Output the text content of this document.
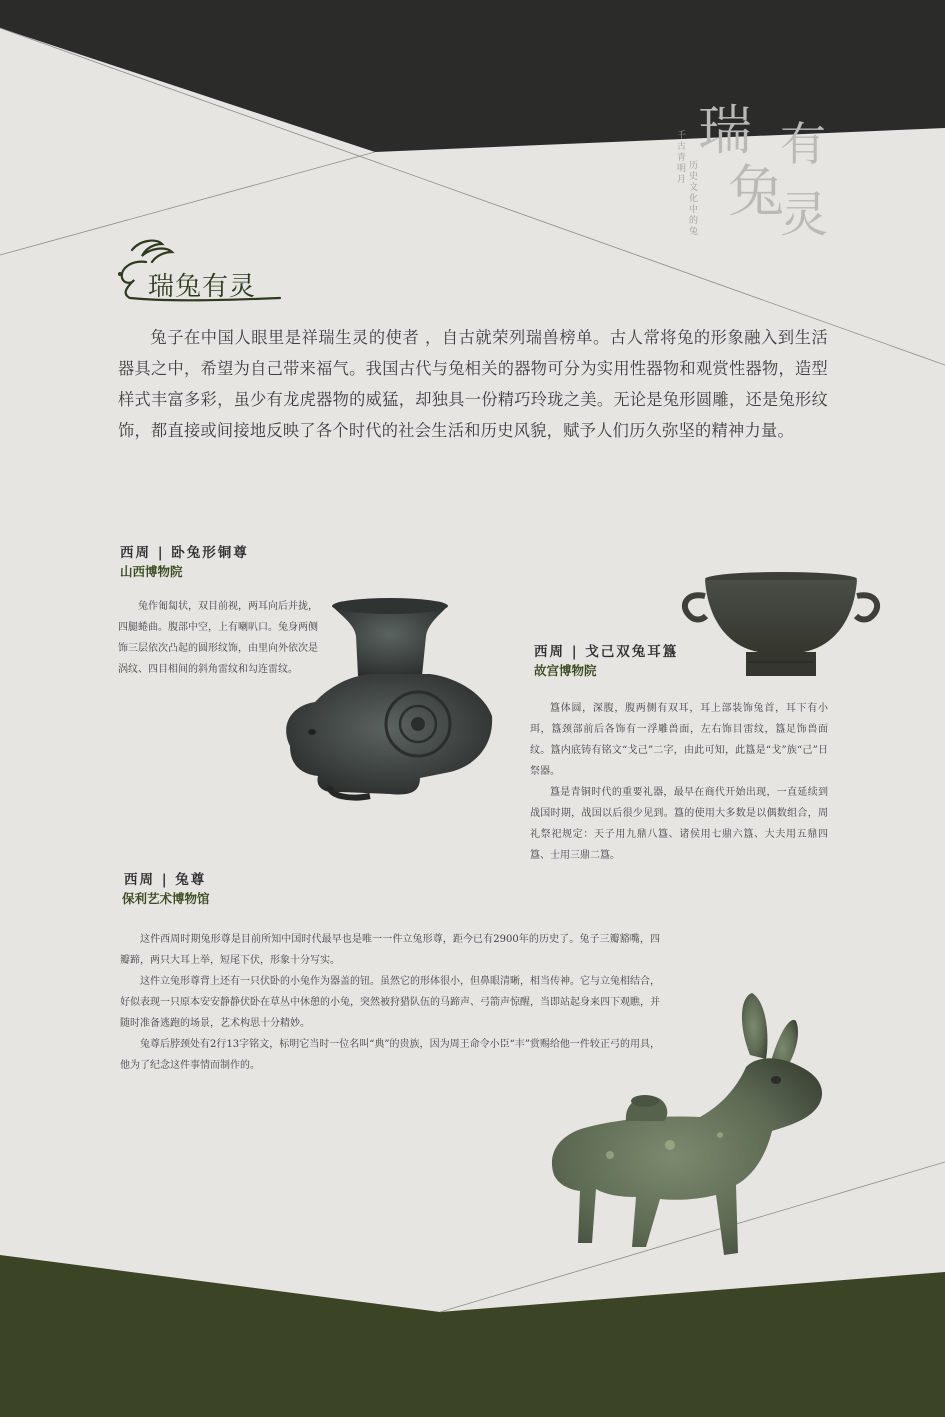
瑞
兔
有
灵
千古青明月
历史文化中的兔
瑞兔有灵
兔子在中国人眼里是祥瑞生灵的使者 ，自古就荣列瑞兽榜单。古人常将兔的形象融入到生活器具之中，希望为自己带来福气。我国古代与兔相关的器物可分为实用性器物和观赏性器物，造型样式丰富多彩，虽少有龙虎器物的威猛，却独具一份精巧玲珑之美。无论是兔形圆雕，还是兔形纹饰，都直接或间接地反映了各个时代的社会生活和历史风貌，赋予人们历久弥坚的精神力量。
西周 | 卧兔形铜尊
山西博物院

兔作匍匐状，双目前视，两耳向后并拢，四腿蜷曲。腹部中空，上有喇叭口。兔身两侧饰三层依次凸起的圆形纹饰，由里向外依次是涡纹、四目相间的斜角雷纹和勾连雷纹。

西周 | 戈己双兔耳簋
故宫博物院

簋体圆，深腹，腹两侧有双耳，耳上部装饰兔首，耳下有小珥，簋颈部前后各饰有一浮雕兽面，左右饰目雷纹，簋足饰兽面纹。簋内底铸有铭文“戈己”二字，由此可知，此簋是“戈”族“己”日祭器。

簋是青铜时代的重要礼器，最早在商代开始出现，一直延续到战国时期，战国以后很少见到。簋的使用大多数是以偶数组合，周礼祭祀规定：天子用九鼎八簋、诸侯用七鼎六簋、大夫用五鼎四簋、士用三鼎二簋。

西周 | 兔尊
保利艺术博物馆

这件西周时期兔形尊是目前所知中国时代最早也是唯一一件立兔形尊，距今已有2900年的历史了。兔子三瓣豁嘴，四瓣蹄，两只大耳上举，短尾下伏，形象十分写实。

这件立兔形尊背上还有一只伏卧的小兔作为器盖的钮。虽然它的形体很小，但鼻眼清晰，相当传神。它与立兔相结合，好似表现一只原本安安静静伏卧在草丛中休憩的小兔，突然被狩猎队伍的马蹄声、弓箭声惊醒，当即站起身来四下观瞧，并随时准备逃跑的场景，艺术构思十分精妙。

兔尊后脖颈处有2行13字铭文，标明它当时一位名叫“典”的贵族，因为周王命令小臣“丰”赏赐给他一件较正弓的用具，他为了纪念这件事情而制作的。
